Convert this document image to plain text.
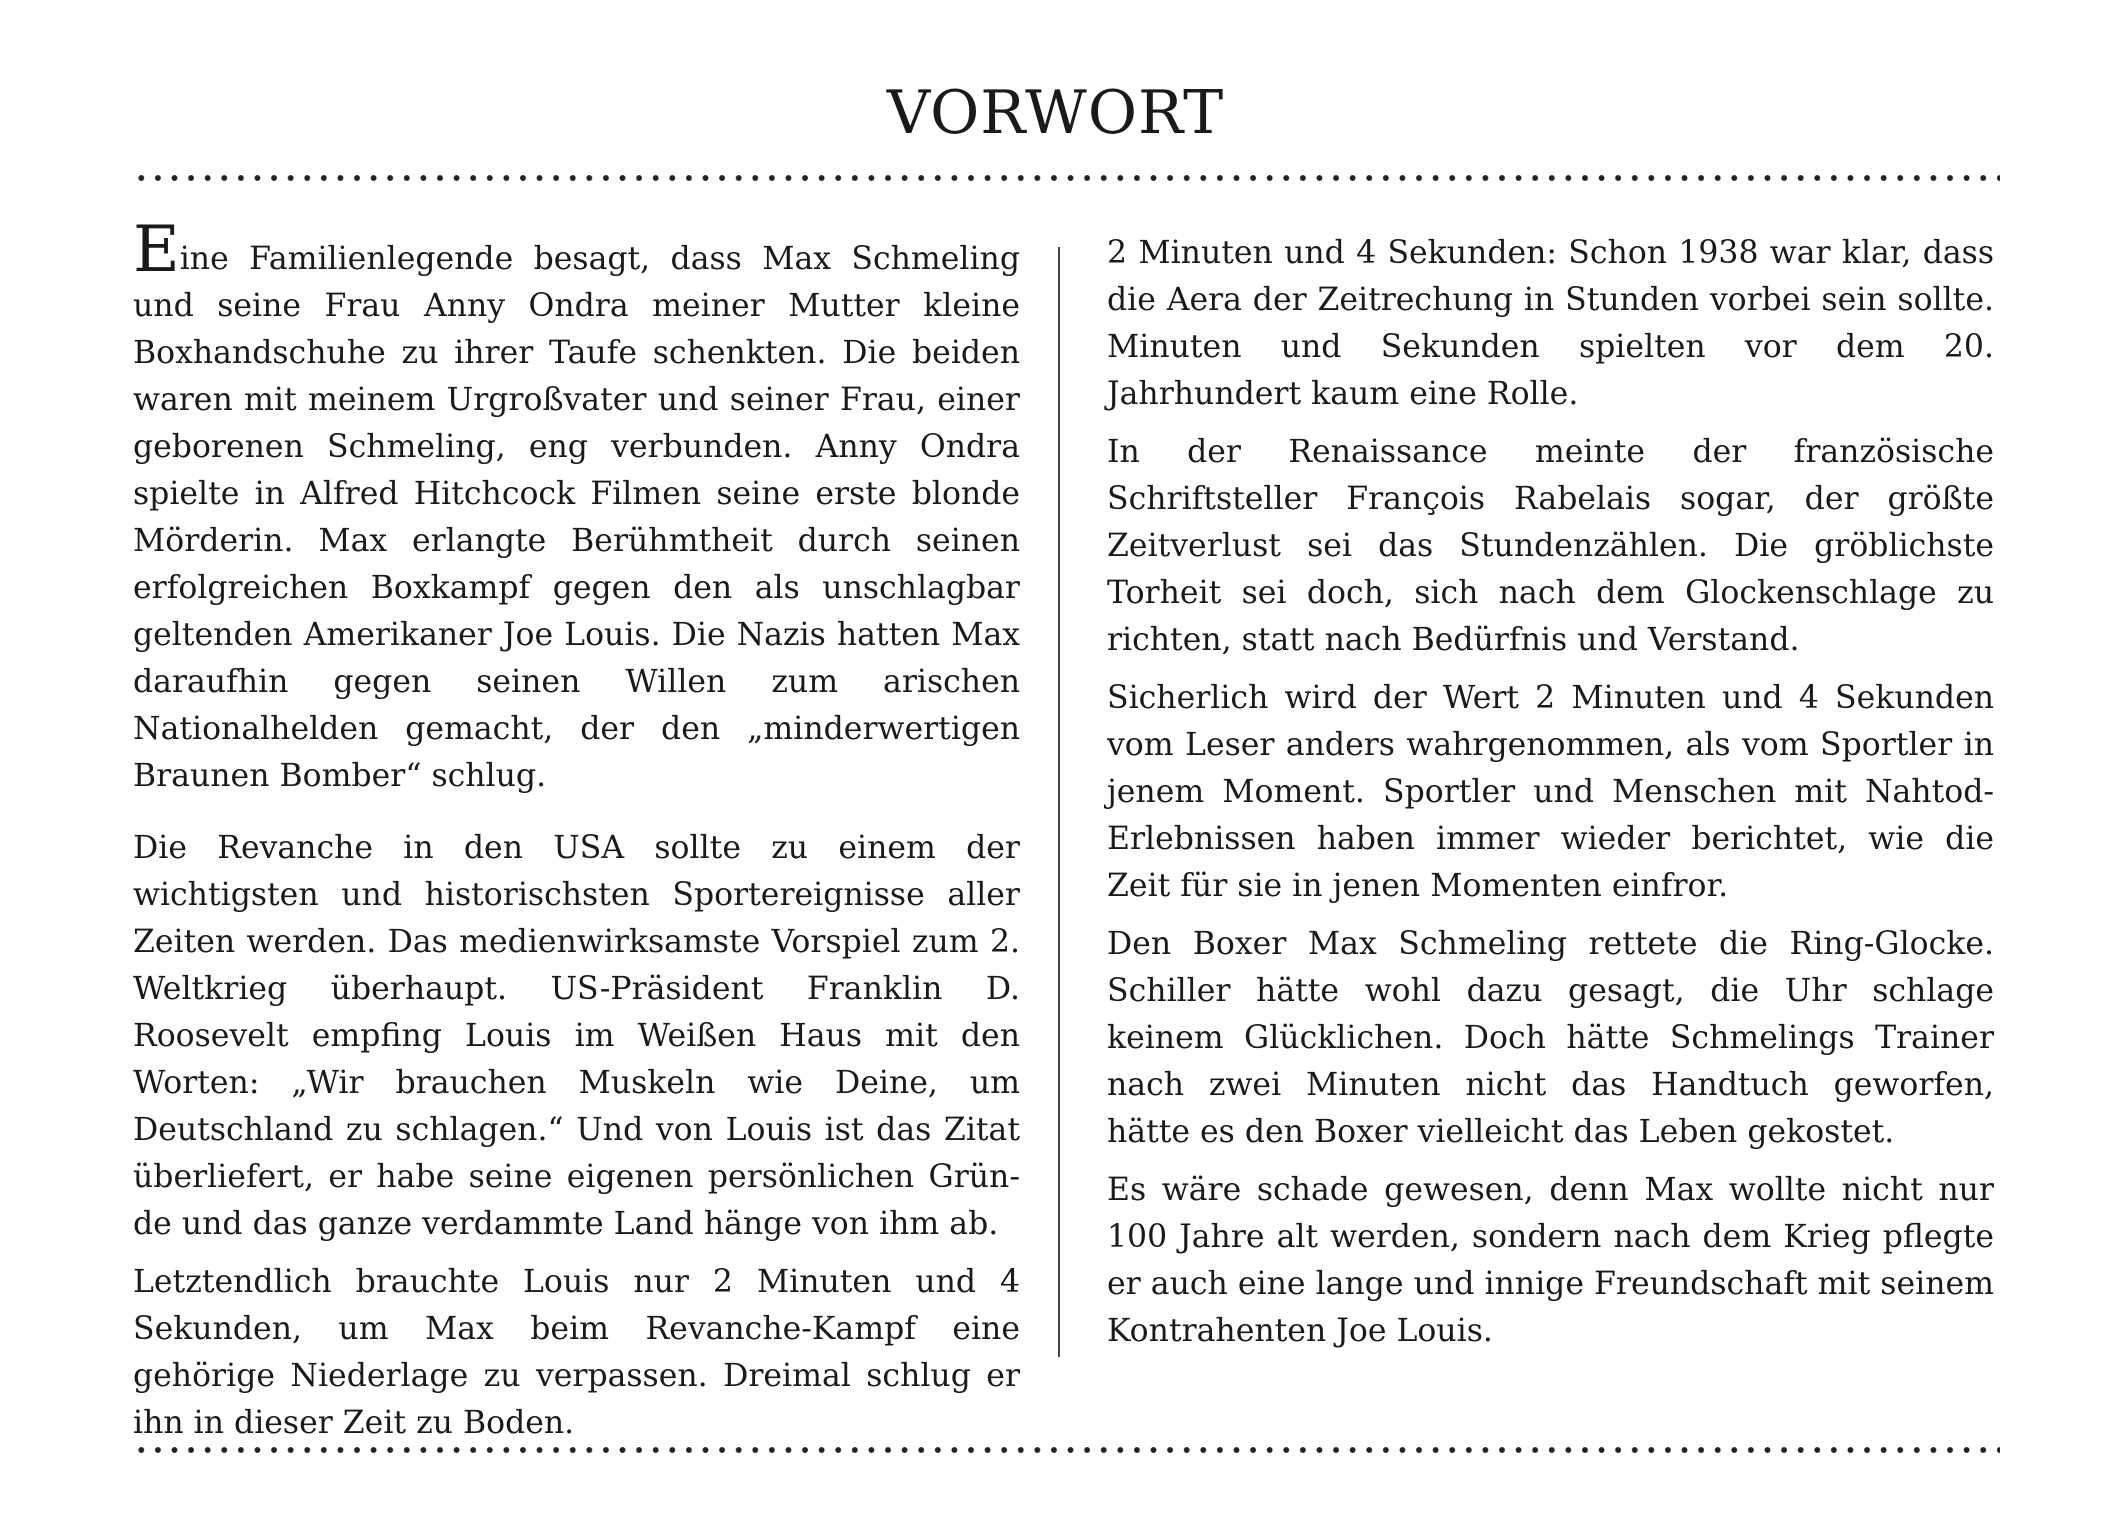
VORWORT

Eine Familienlegende besagt, dass Max Schmeling und seine Frau Anny Ondra meiner Mutter kleine Boxhandschuhe zu ihrer Taufe schenkten. Die beiden waren mit meinem Urgroßvater und seiner Frau, einer geborenen Schmeling, eng verbunden. Anny Ondra spielte in Alfred Hitchcock Filmen seine erste blonde Mörderin. Max erlangte Berühmtheit durch seinen erfolgreichen Boxkampf gegen den als unschlagbar geltenden Amerikaner Joe Louis. Die Nazis hatten Max daraufhin gegen seinen Willen zum arischen Nationalhelden gemacht, der den „minderwertigen Braunen Bomber“ schlug.

Die Revanche in den USA sollte zu einem der wichtigsten und historischsten Sportereignisse aller Zeiten werden. Das medienwirksamste Vorspiel zum 2. Weltkrieg überhaupt. US-Präsident Franklin D. Roosevelt empfing Louis im Weißen Haus mit den Worten: „Wir brauchen Muskeln wie Deine, um Deutschland zu schlagen.“ Und von Louis ist das Zitat überliefert, er habe seine eigenen persönlichen Gründe und das ganze verdammte Land hänge von ihm ab.

Letztendlich brauchte Louis nur 2 Minuten und 4 Sekunden, um Max beim Revanche-Kampf eine gehörige Niederlage zu verpassen. Dreimal schlug er ihn in dieser Zeit zu Boden.

2 Minuten und 4 Sekunden: Schon 1938 war klar, dass die Aera der Zeitrechung in Stunden vorbei sein sollte. Minuten und Sekunden spielten vor dem 20. Jahrhundert kaum eine Rolle.

In der Renaissance meinte der französische Schriftsteller François Rabelais sogar, der größte Zeitverlust sei das Stundenzählen. Die gröblichste Torheit sei doch, sich nach dem Glockenschlage zu richten, statt nach Bedürfnis und Verstand.

Sicherlich wird der Wert 2 Minuten und 4 Sekunden vom Leser anders wahrgenommen, als vom Sportler in jenem Moment. Sportler und Menschen mit Nahtod-Erlebnissen haben immer wieder berichtet, wie die Zeit für sie in jenen Momenten einfror.

Den Boxer Max Schmeling rettete die Ring-Glocke. Schiller hätte wohl dazu gesagt, die Uhr schlage keinem Glücklichen. Doch hätte Schmelings Trainer nach zwei Minuten nicht das Handtuch geworfen, hätte es den Boxer vielleicht das Leben gekostet.

Es wäre schade gewesen, denn Max wollte nicht nur 100 Jahre alt werden, sondern nach dem Krieg pflegte er auch eine lange und innige Freundschaft mit seinem Kontrahenten Joe Louis.
